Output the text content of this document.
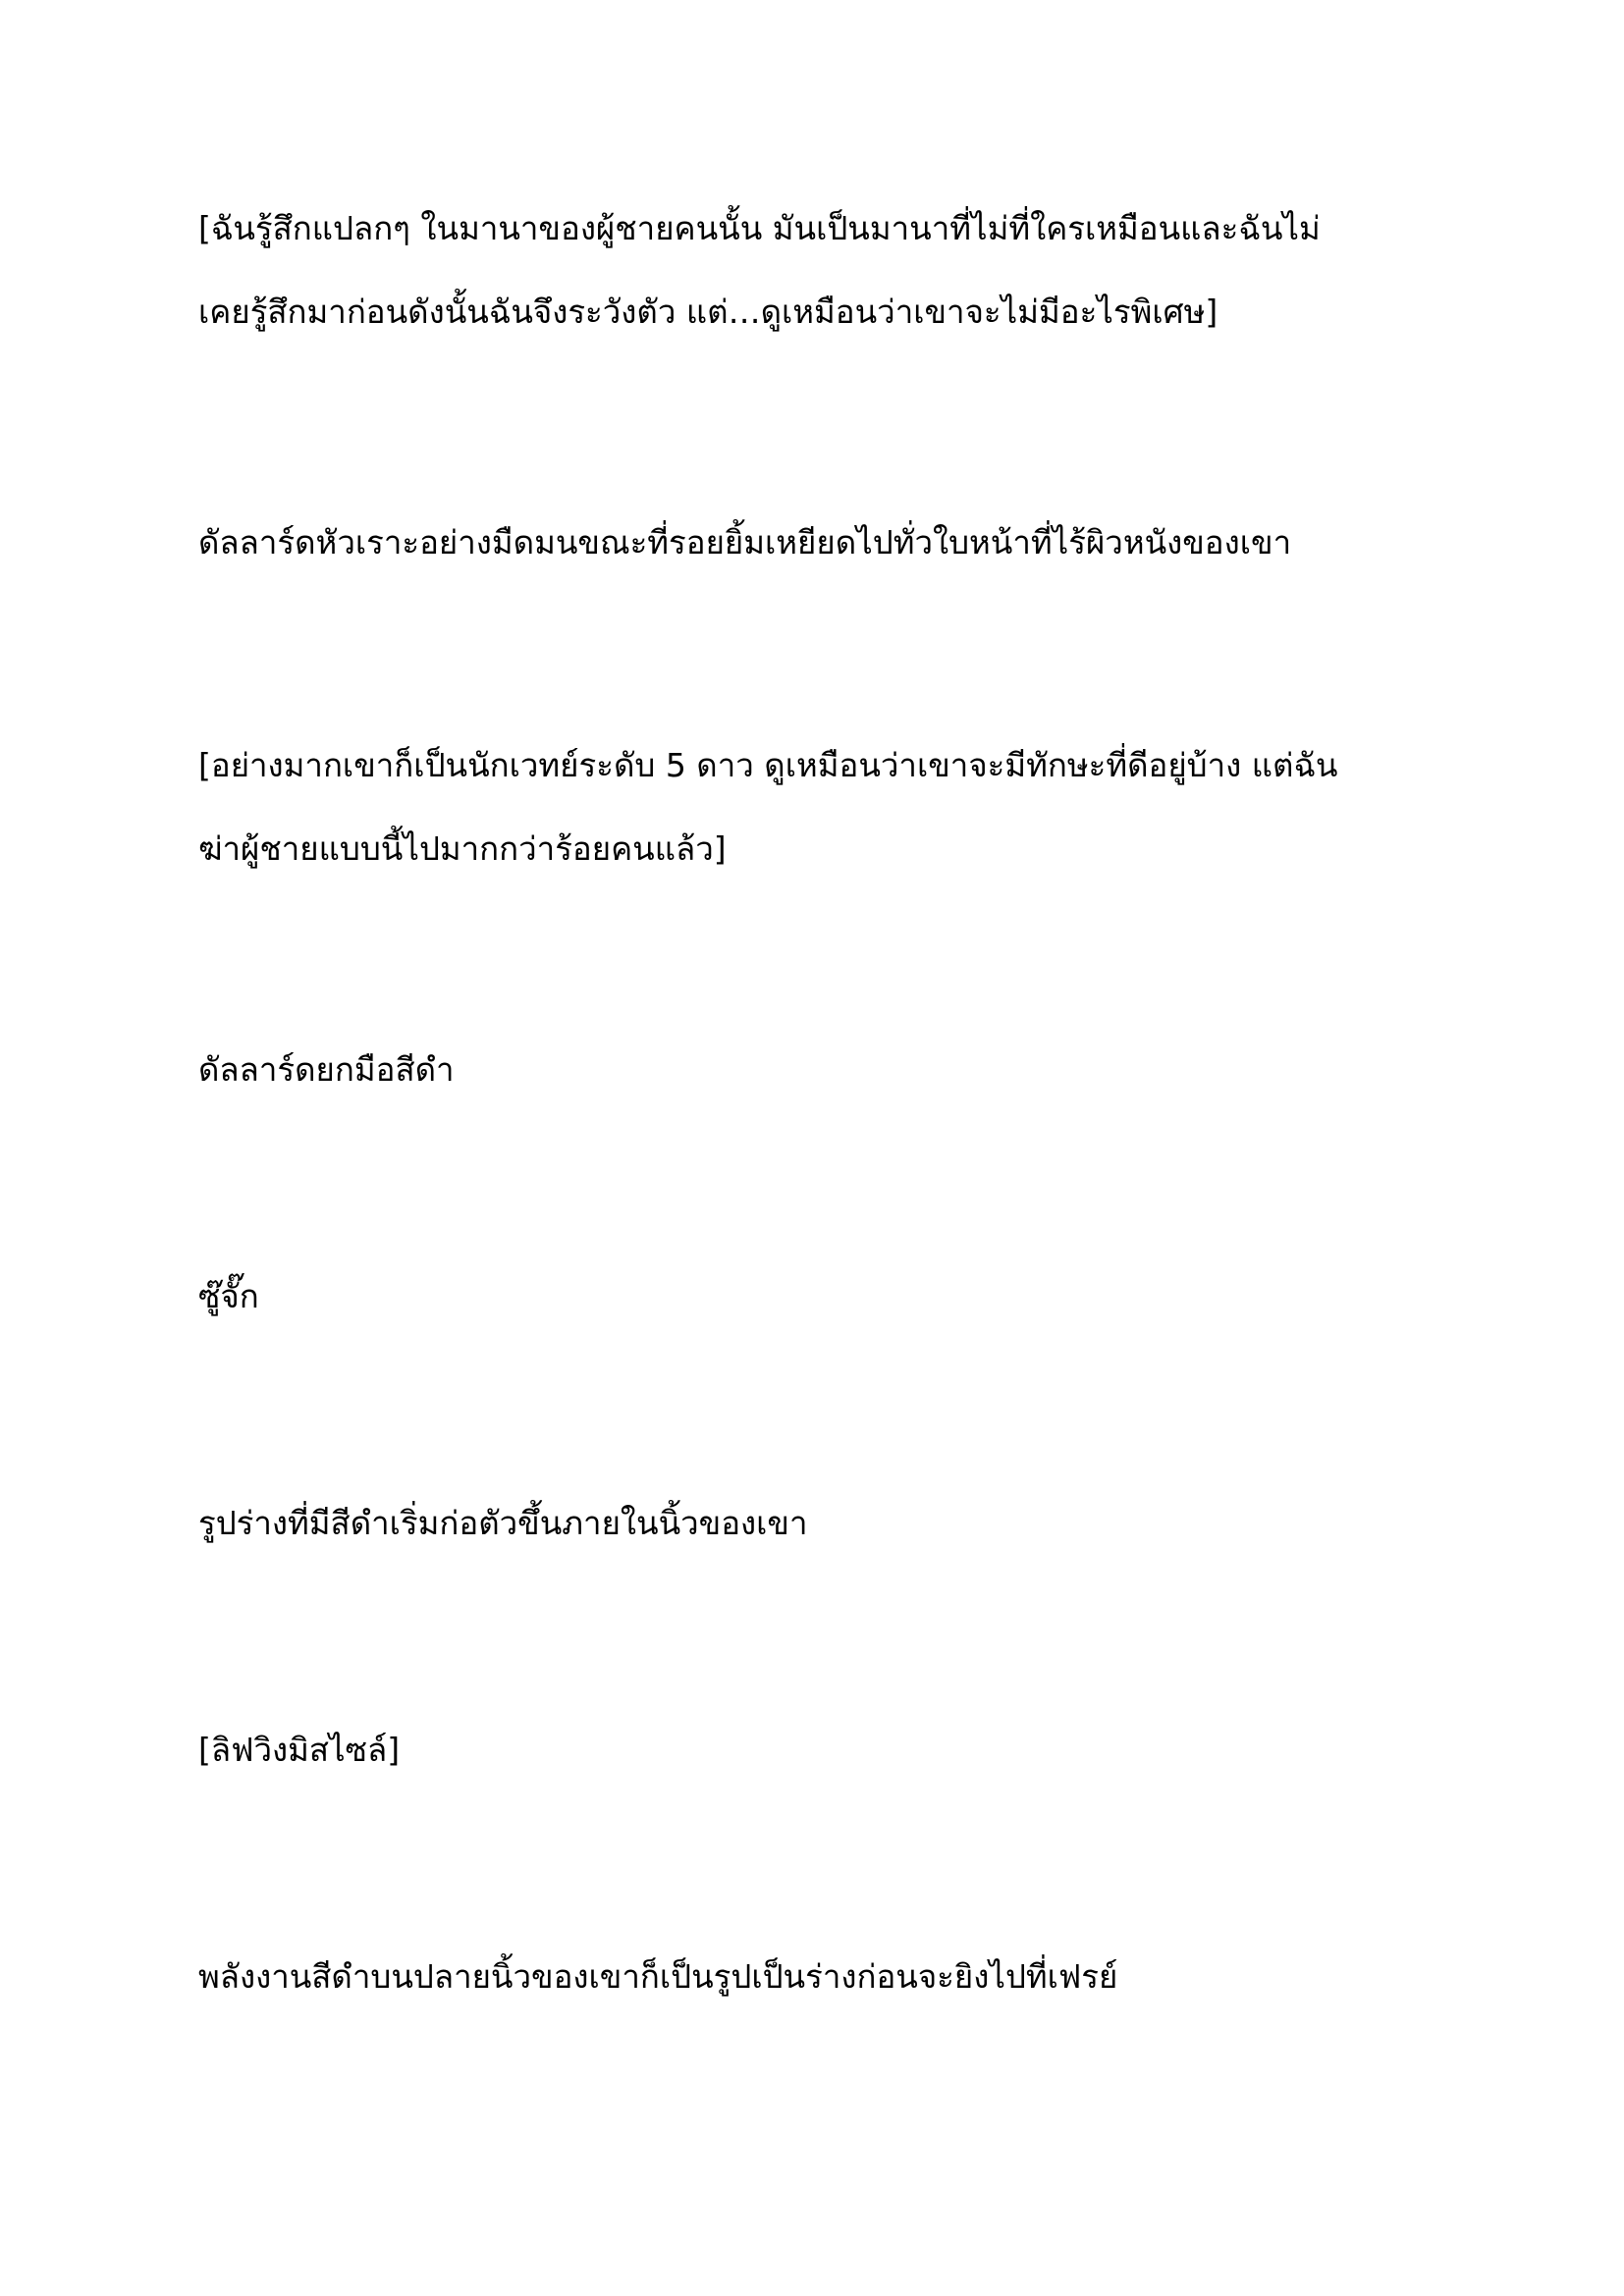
[ฉันรู้สึกแปลกๆ ในมานาของผู้ชายคนนั้น มันเป็นมานาที่ไม่ที่ใครเหมือนและฉันไม่
เคยรู้สึกมาก่อนดังนั้นฉันจึงระวังตัว แต่…ดูเหมือนว่าเขาจะไม่มีอะไรพิเศษ]

ดัลลาร์ดหัวเราะอย่างมืดมนขณะที่รอยยิ้มเหยียดไปทั่วใบหน้าที่ไร้ผิวหนังของเขา

[อย่างมากเขาก็เป็นนักเวทย์ระดับ 5 ดาว ดูเหมือนว่าเขาจะมีทักษะที่ดีอยู่บ้าง แต่ฉัน
ฆ่าผู้ชายแบบนี้ไปมากกว่าร้อยคนแล้ว]

ดัลลาร์ดยกมือสีดำ

ซู๊จั๊ก

รูปร่างที่มีสีดำเริ่มก่อตัวขึ้นภายในนิ้วของเขา

[ลิฟวิงมิสไซล์]

พลังงานสีดำบนปลายนิ้วของเขาก็เป็นรูปเป็นร่างก่อนจะยิงไปที่เฟรย์
